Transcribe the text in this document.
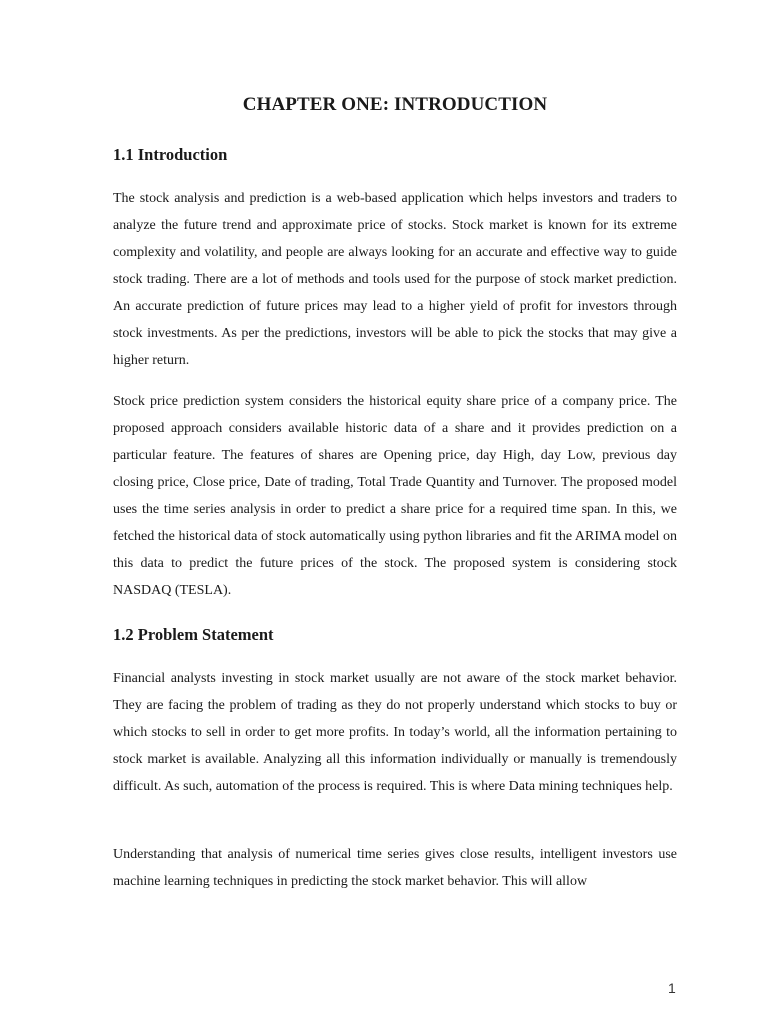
CHAPTER ONE: INTRODUCTION
1.1 Introduction

The stock analysis and prediction is a web-based application which helps investors and traders to analyze the future trend and approximate price of stocks. Stock market is known for its extreme complexity and volatility, and people are always looking for an accurate and effective way to guide stock trading. There are a lot of methods and tools used for the purpose of stock market prediction. An accurate prediction of future prices may lead to a higher yield of profit for investors through stock investments. As per the predictions, investors will be able to pick the stocks that may give a higher return.

Stock price prediction system considers the historical equity share price of a company price. The proposed approach considers available historic data of a share and it provides prediction on a particular feature. The features of shares are Opening price, day High, day Low, previous day closing price, Close price, Date of trading, Total Trade Quantity and Turnover. The proposed model uses the time series analysis in order to predict a share price for a required time span. In this, we fetched the historical data of stock automatically using python libraries and fit the ARIMA model on this data to predict the future prices of the stock. The proposed system is considering stock NASDAQ (TESLA).

1.2 Problem Statement

Financial analysts investing in stock market usually are not aware of the stock market behavior. They are facing the problem of trading as they do not properly understand which stocks to buy or which stocks to sell in order to get more profits. In today’s world, all the information pertaining to stock market is available. Analyzing all this information individually or manually is tremendously difficult. As such, automation of the process is required. This is where Data mining techniques help.

Understanding that analysis of numerical time series gives close results, intelligent investors use machine learning techniques in predicting the stock market behavior. This will allow

1
